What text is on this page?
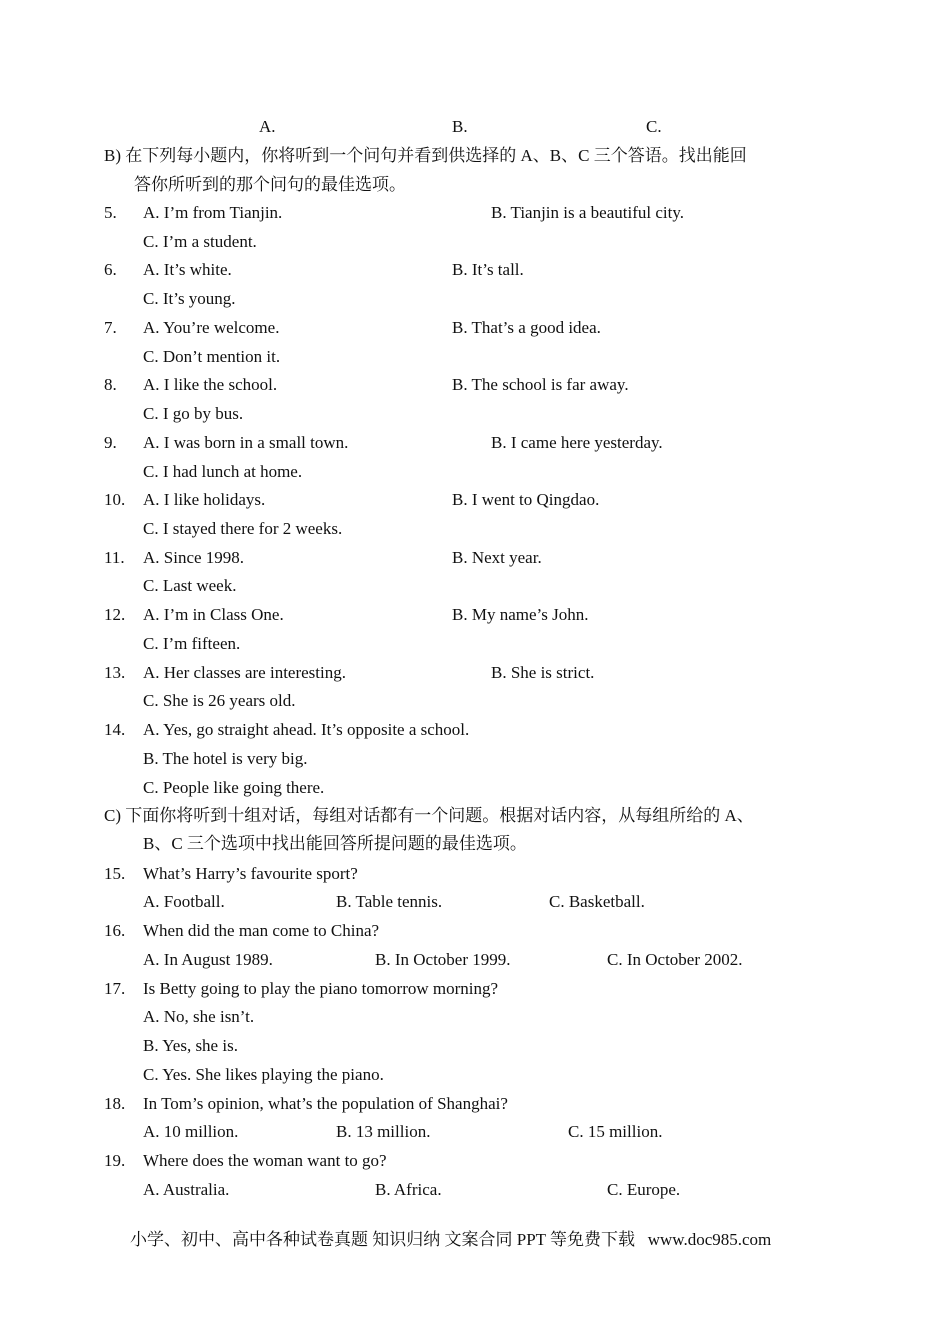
A.	B.	C.
B) 在下列每小题内，你将听到一个问句并看到供选择的 A、B、C 三个答语。找出能回
答你所听到的那个问句的最佳选项。
5. A. I’m from Tianjin.	B. Tianjin is a beautiful city.
C. I’m a student.
6. A. It’s white.	B. It’s tall.
C. It’s young.
7. A. You’re welcome.	B. That’s a good idea.
C. Don’t mention it.
8. A. I like the school.	B. The school is far away.
C. I go by bus.
9. A. I was born in a small town.	B. I came here yesterday.
C. I had lunch at home.
10. A. I like holidays.	B. I went to Qingdao.
C. I stayed there for 2 weeks.
11. A. Since 1998.	B. Next year.
C. Last week.
12. A. I’m in Class One.	B. My name’s John.
C. I’m fifteen.
13. A. Her classes are interesting.	B. She is strict.
C. She is 26 years old.
14. A. Yes, go straight ahead. It’s opposite a school.
B. The hotel is very big.
C. People like going there.
C) 下面你将听到十组对话，每组对话都有一个问题。根据对话内容，从每组所给的 A、
B、C 三个选项中找出能回答所提问题的最佳选项。
15. What’s Harry’s favourite sport?
A. Football.	B. Table tennis.	C. Basketball.
16. When did the man come to China?
A. In August 1989.	B. In October 1999.	C. In October 2002.
17. Is Betty going to play the piano tomorrow morning?
A. No, she isn’t.
B. Yes, she is.
C. Yes. She likes playing the piano.
18. In Tom’s opinion, what’s the population of Shanghai?
A. 10 million.	B. 13 million.	C. 15 million.
19. Where does the woman want to go?
A. Australia.	B. Africa.	C. Europe.
小学、初中、高中各种试卷真题 知识归纳 文案合同 PPT 等免费下载   www.doc985.com
